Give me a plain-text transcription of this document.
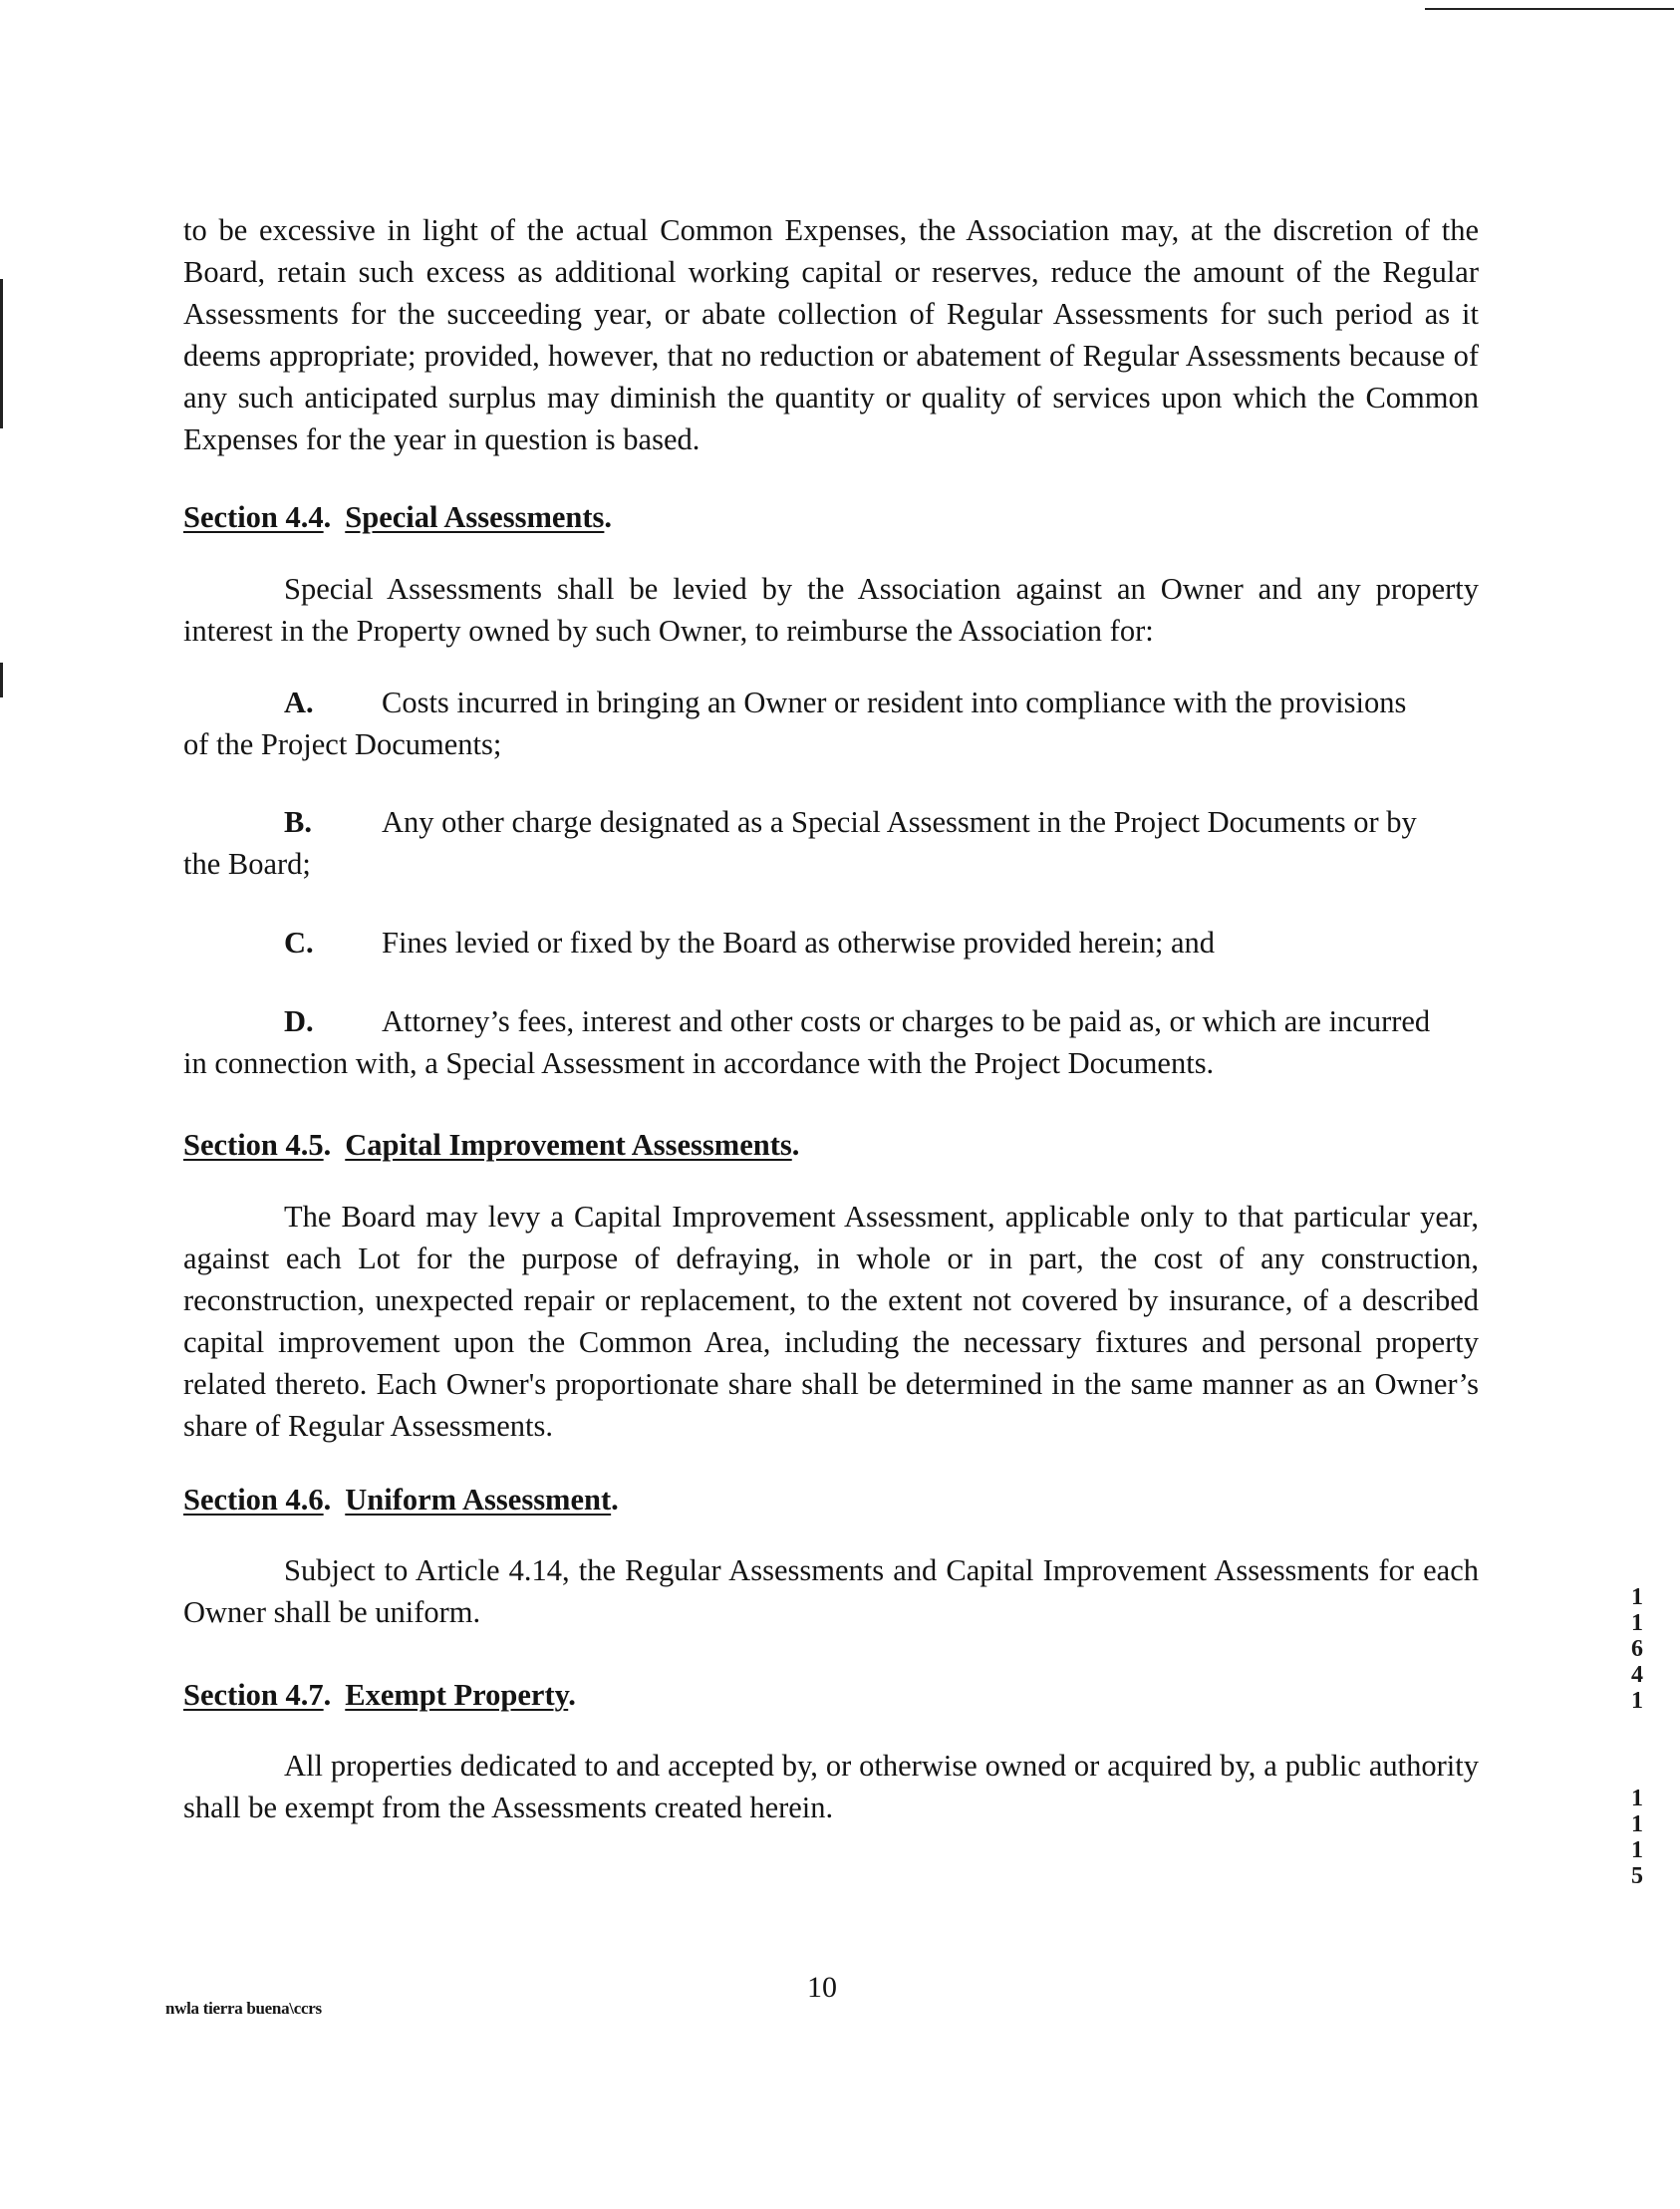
to be excessive in light of the actual Common Expenses, the Association may, at the discretion of the Board, retain such excess as additional working capital or reserves, reduce the amount of the Regular Assessments for the succeeding year, or abate collection of Regular Assessments for such period as it deems appropriate; provided, however, that no reduction or abatement of Regular Assessments because of any such anticipated surplus may diminish the quantity or quality of services upon which the Common Expenses for the year in question is based.

Section 4.4. Special Assessments.

Special Assessments shall be levied by the Association against an Owner and any property interest in the Property owned by such Owner, to reimburse the Association for:

A.	Costs incurred in bringing an Owner or resident into compliance with the provisions
of the Project Documents;
B.	Any other charge designated as a Special Assessment in the Project Documents or by
the Board;
C.	Fines levied or fixed by the Board as otherwise provided herein; and
D.	Attorney’s fees, interest and other costs or charges to be paid as, or which are incurred
in connection with, a Special Assessment in accordance with the Project Documents.
Section 4.5. Capital Improvement Assessments.

The Board may levy a Capital Improvement Assessment, applicable only to that particular year, against each Lot for the purpose of defraying, in whole or in part, the cost of any construction, reconstruction, unexpected repair or replacement, to the extent not covered by insurance, of a described capital improvement upon the Common Area, including the necessary fixtures and personal property related thereto. Each Owner's proportionate share shall be determined in the same manner as an Owner’s share of Regular Assessments.

Section 4.6. Uniform Assessment.

Subject to Article 4.14, the Regular Assessments and Capital Improvement Assessments for each Owner shall be uniform.

Section 4.7. Exempt Property.

All properties dedicated to and accepted by, or otherwise owned or acquired by, a public authority shall be exempt from the Assessments created herein.

1
1
6
4
1
1
1
1
5
nwla tierra buena\ccrs
10
